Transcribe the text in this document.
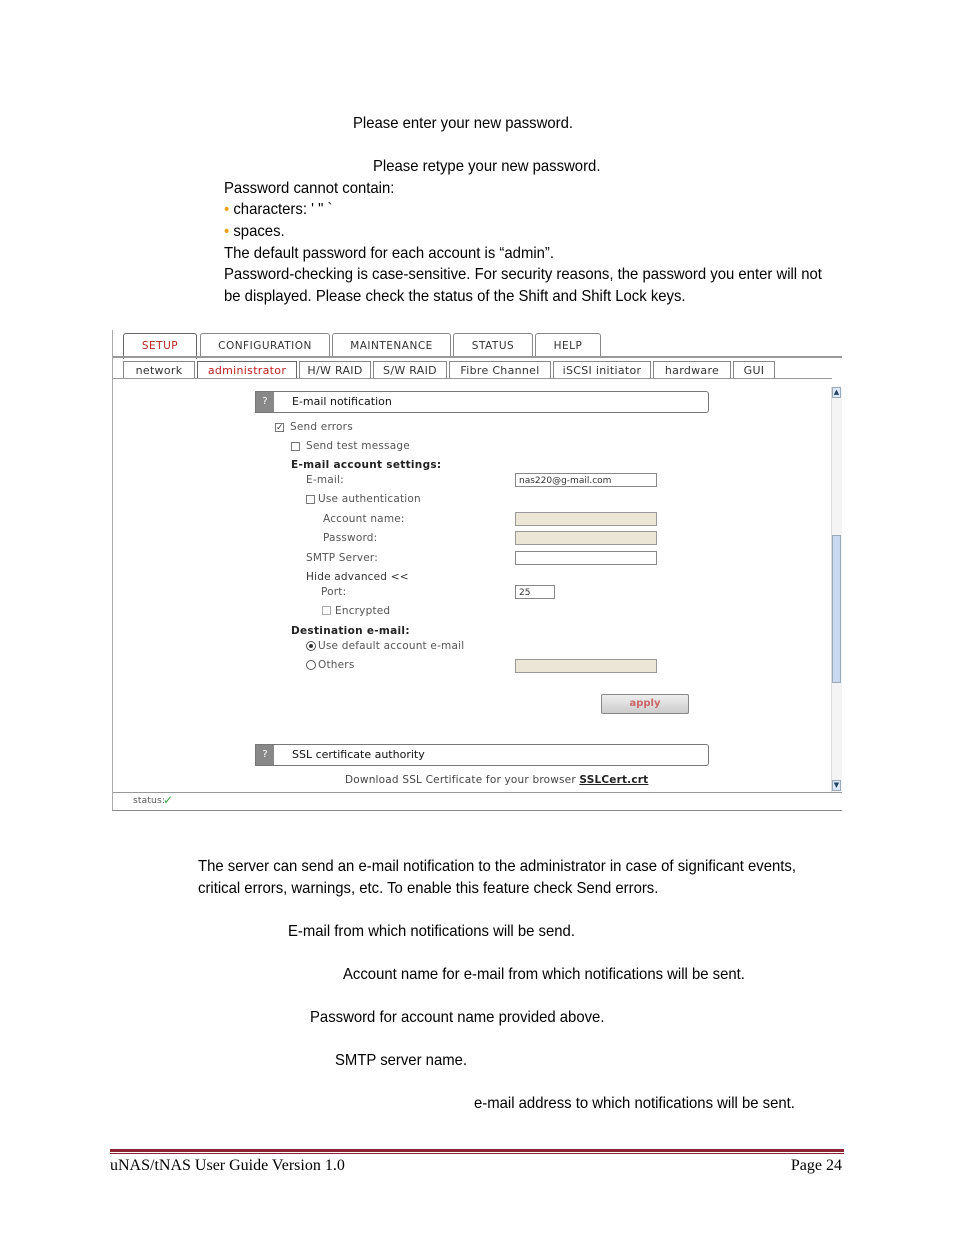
Please enter your new password.
Please retype your new password.
Password cannot contain:
• characters: ' " `
• spaces.
The default password for each account is “admin”.
Password-checking is case-sensitive. For security reasons, the password you enter will not
be displayed. Please check the status of the Shift and Shift Lock keys.
SETUP	CONFIGURATION	MAINTENANCE	STATUS	HELP
network	administrator	H/W RAID	S/W RAID	Fibre Channel	iSCSI initiator	hardware	GUI
?	E-mail notification
✓ Send errors
Send test message
E-mail account settings:
E-mail:	nas220@g-mail.com
Use authentication
Account name:
Password:
SMTP Server:
Hide advanced <<
Port:	25
Encrypted
Destination e-mail:
Use default account e-mail
Others
apply
?	SSL certificate authority
Download SSL Certificate for your browser SSLCert.crt
▲
▼
status:
✓
The server can send an e-mail notification to the administrator in case of significant events,
critical errors, warnings, etc. To enable this feature check Send errors.
E-mail from which notifications will be send.
Account name for e-mail from which notifications will be sent.
Password for account name provided above.
SMTP server name.
e-mail address to which notifications will be sent.
uNAS/tNAS User Guide Version 1.0	Page 24
